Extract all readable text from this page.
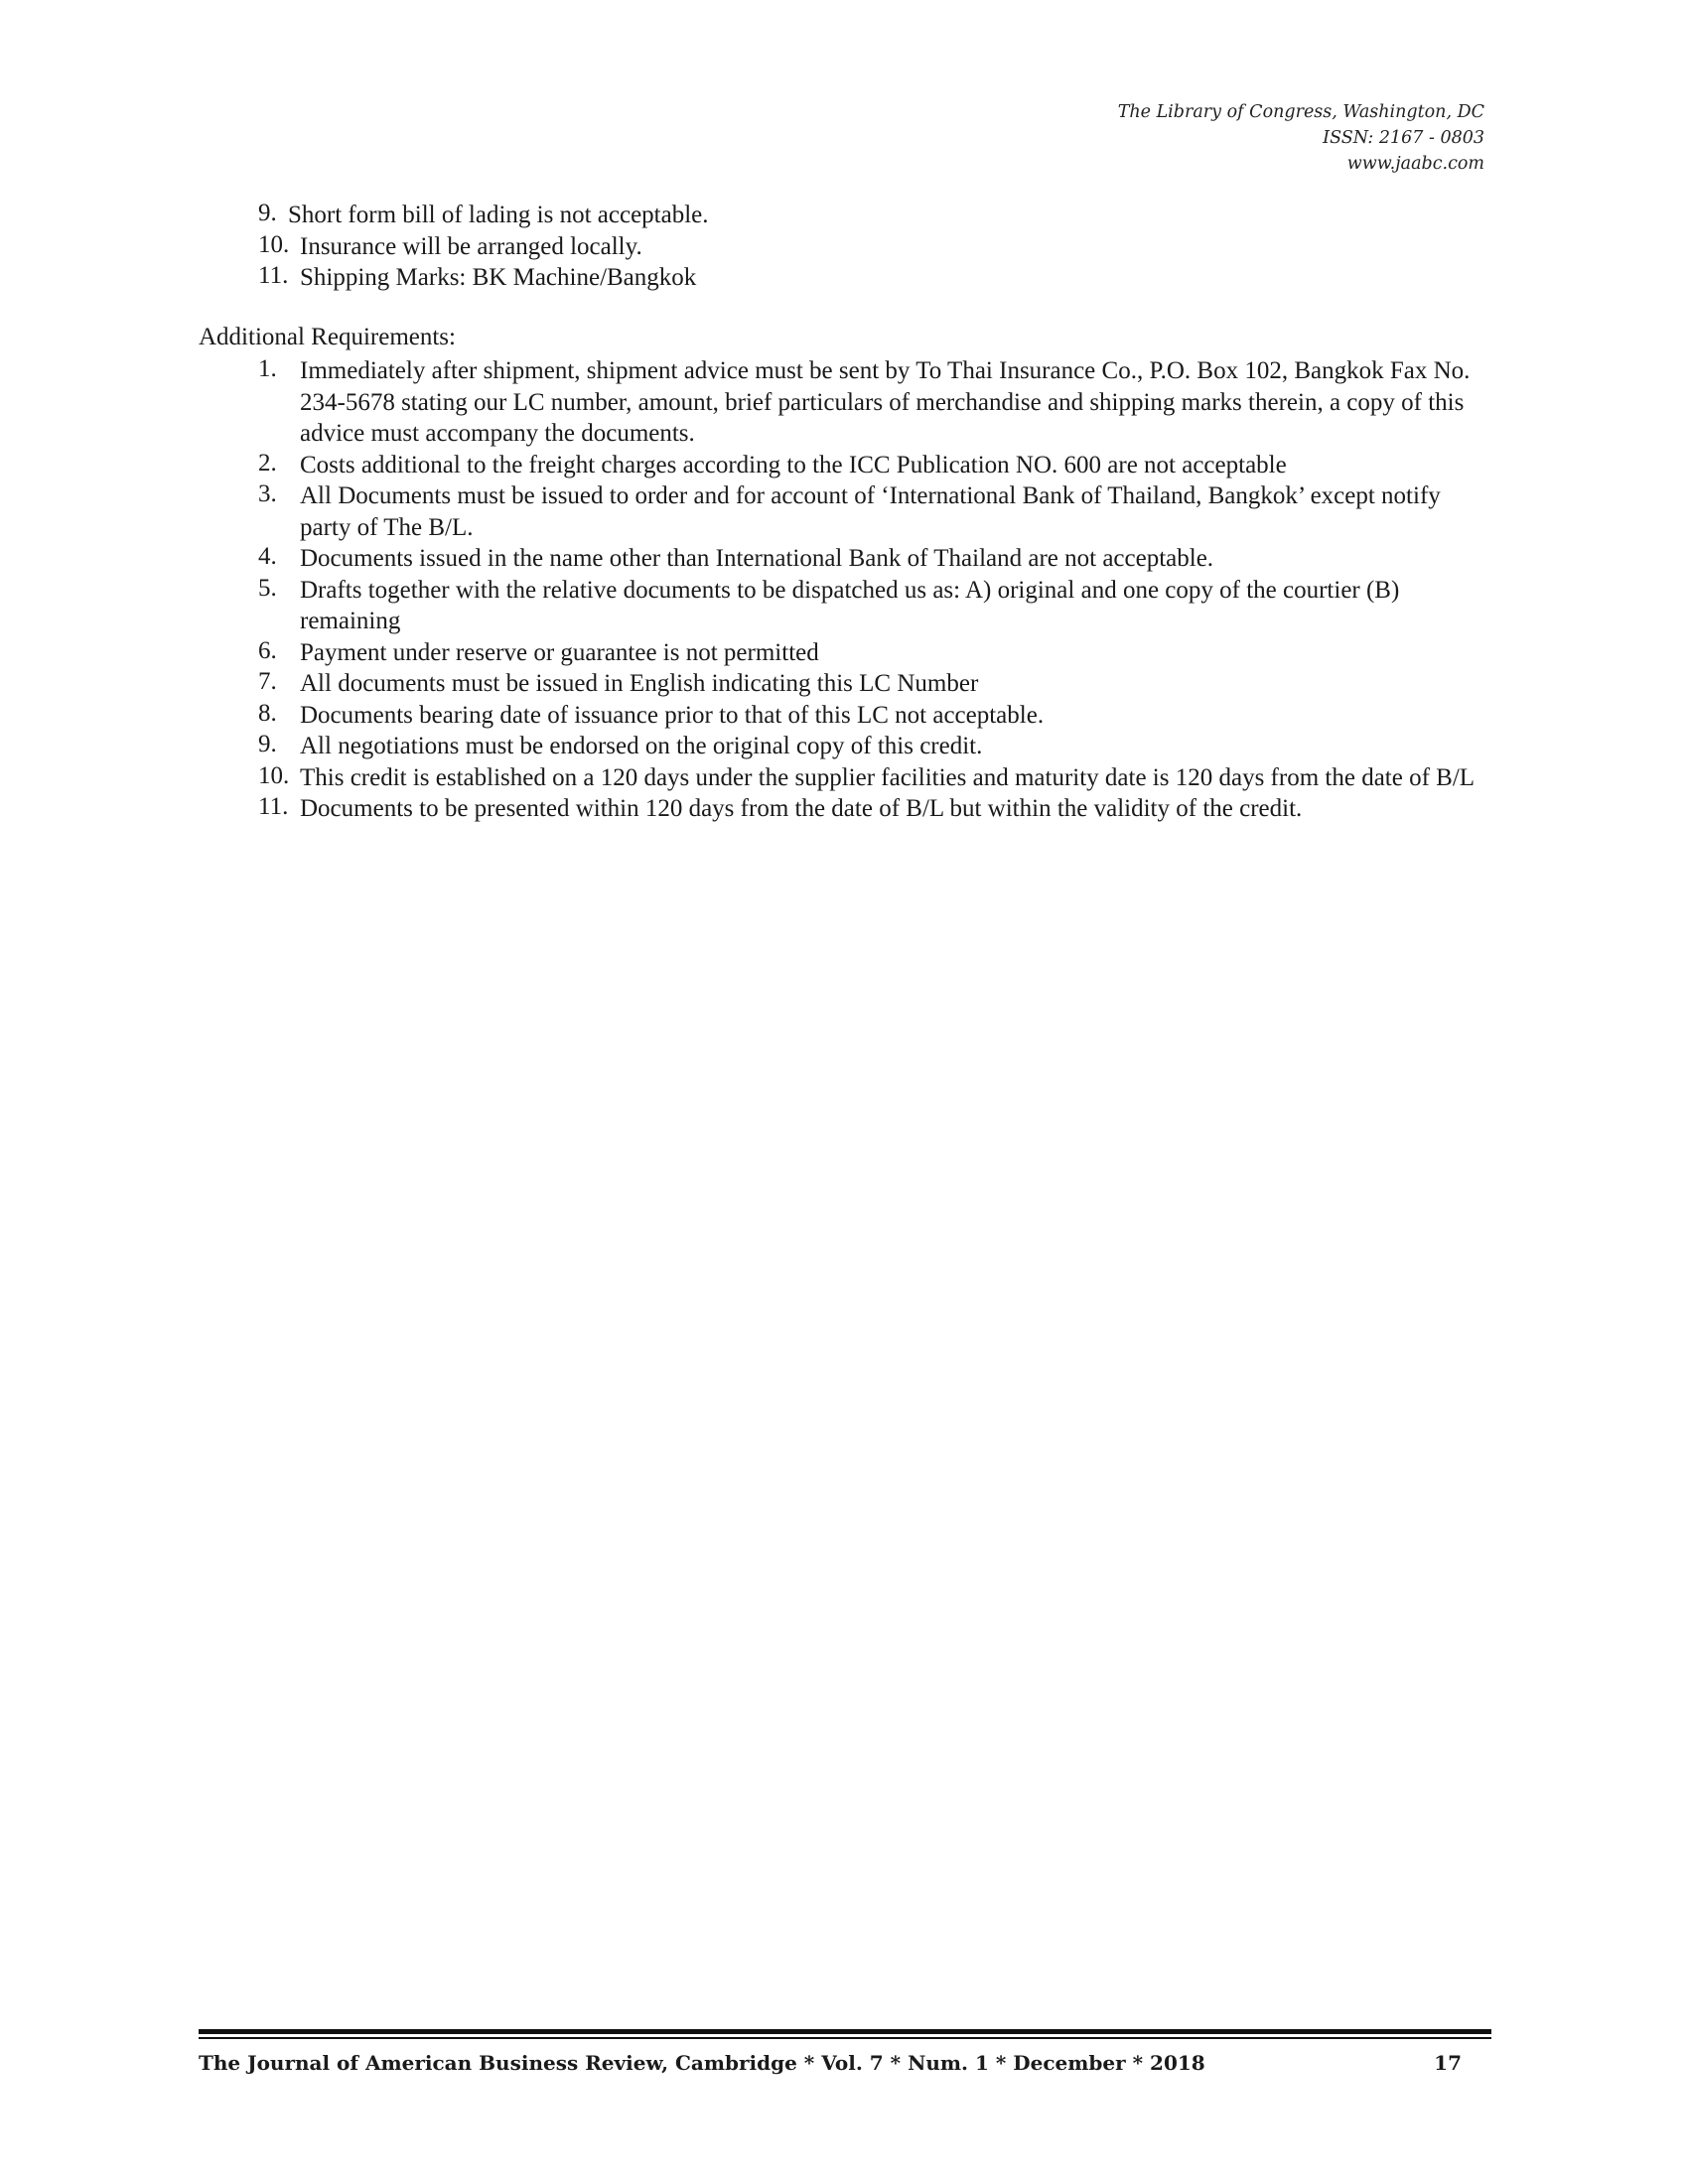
The Library of Congress, Washington, DC
ISSN: 2167 - 0803
www.jaabc.com
9. Short form bill of lading is not acceptable.
10. Insurance will be arranged locally.
11. Shipping Marks: BK Machine/Bangkok
Additional Requirements:
1. Immediately after shipment, shipment advice must be sent by To Thai Insurance Co., P.O. Box 102, Bangkok Fax No. 234-5678 stating our LC number, amount, brief particulars of merchandise and shipping marks therein, a copy of this advice must accompany the documents.
2. Costs additional to the freight charges according to the ICC Publication NO. 600 are not acceptable
3. All Documents must be issued to order and for account of ‘International Bank of Thailand, Bangkok’ except notify party of The B/L.
4. Documents issued in the name other than International Bank of Thailand are not acceptable.
5. Drafts together with the relative documents to be dispatched us as: A) original and one copy of the courtier (B) remaining
6. Payment under reserve or guarantee is not permitted
7. All documents must be issued in English indicating this LC Number
8. Documents bearing date of issuance prior to that of this LC not acceptable.
9. All negotiations must be endorsed on the original copy of this credit.
10. This credit is established on a 120 days under the supplier facilities and maturity date is 120 days from the date of B/L
11. Documents to be presented within 120 days from the date of B/L but within the validity of the credit.
The Journal of American Business Review, Cambridge * Vol. 7 * Num. 1 * December * 2018	17
